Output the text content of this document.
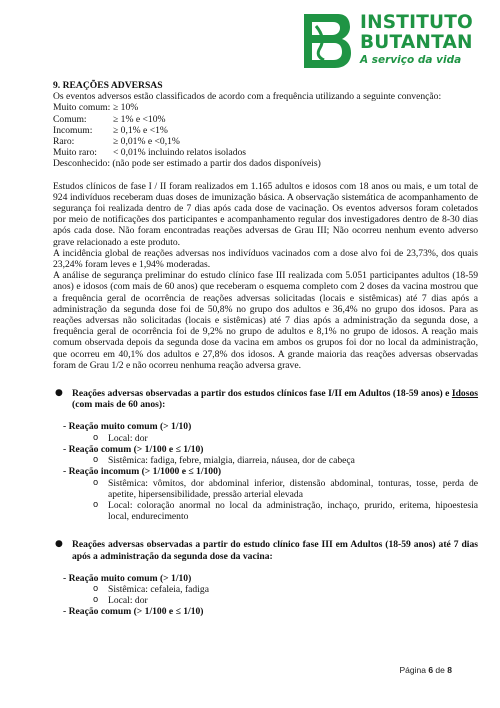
INSTITUTO
BUTANTAN
A serviço da vida
9. REAÇÕES ADVERSAS
Os eventos adversos estão classificados de acordo com a frequência utilizando a seguinte convenção:
Muito comum: ≥ 10%
Comum:	≥ 1% e <10%
Incomum:	≥ 0,1% e <1%
Raro:	≥ 0,01% e <0,1%
Muito raro:	< 0,01% incluindo relatos isolados
Desconhecido: (não pode ser estimado a partir dos dados disponíveis)

Estudos clínicos de fase I / II foram realizados em 1.165 adultos e idosos com 18 anos ou mais, e um total de 924 indivíduos receberam duas doses de imunização básica. A observação sistemática de acompanhamento de segurança foi realizada dentro de 7 dias após cada dose de vacinação. Os eventos adversos foram coletados por meio de notificações dos participantes e acompanhamento regular dos investigadores dentro de 8-30 dias após cada dose. Não foram encontradas reações adversas de Grau III; Não ocorreu nenhum evento adverso grave relacionado a este produto.

A incidência global de reações adversas nos indivíduos vacinados com a dose alvo foi de 23,73%, dos quais 23,24% foram leves e 1,94% moderadas.

A análise de segurança preliminar do estudo clínico fase III realizada com 5.051 participantes adultos (18-59 anos) e idosos (com mais de 60 anos) que receberam o esquema completo com 2 doses da vacina mostrou que a frequência geral de ocorrência de reações adversas solicitadas (locais e sistêmicas) até 7 dias após a administração da segunda dose foi de 50,8% no grupo dos adultos e 36,4% no grupo dos idosos. Para as reações adversas não solicitadas (locais e sistêmicas) até 7 dias após a administração da segunda dose, a frequência geral de ocorrência foi de 9,2% no grupo de adultos e 8,1% no grupo de idosos. A reação mais comum observada depois da segunda dose da vacina em ambos os grupos foi dor no local da administração, que ocorreu em 40,1% dos adultos e 27,8% dos idosos. A grande maioria das reações adversas observadas foram de Grau 1/2 e não ocorreu nenhuma reação adversa grave.

● Reações adversas observadas a partir dos estudos clínicos fase I/II em Adultos (18-59 anos) e Idosos (com mais de 60 anos):
- Reação muito comum (> 1/10)
o Local: dor
- Reação comum (> 1/100 e ≤ 1/10)
o Sistêmica: fadiga, febre, mialgia, diarreia, náusea, dor de cabeça
- Reação incomum (> 1/1000 e ≤ 1/100)
o Sistêmica: vômitos, dor abdominal inferior, distensão abdominal, tonturas, tosse, perda de apetite, hipersensibilidade, pressão arterial elevada
o Local: coloração anormal no local da administração, inchaço, prurido, eritema, hipoestesia local, endurecimento
● Reações adversas observadas a partir do estudo clínico fase III em Adultos (18-59 anos) até 7 dias após a administração da segunda dose da vacina:
- Reação muito comum (> 1/10)
o Sistêmica: cefaleia, fadiga
o Local: dor
- Reação comum (> 1/100 e ≤ 1/10)
Página 6 de 8
